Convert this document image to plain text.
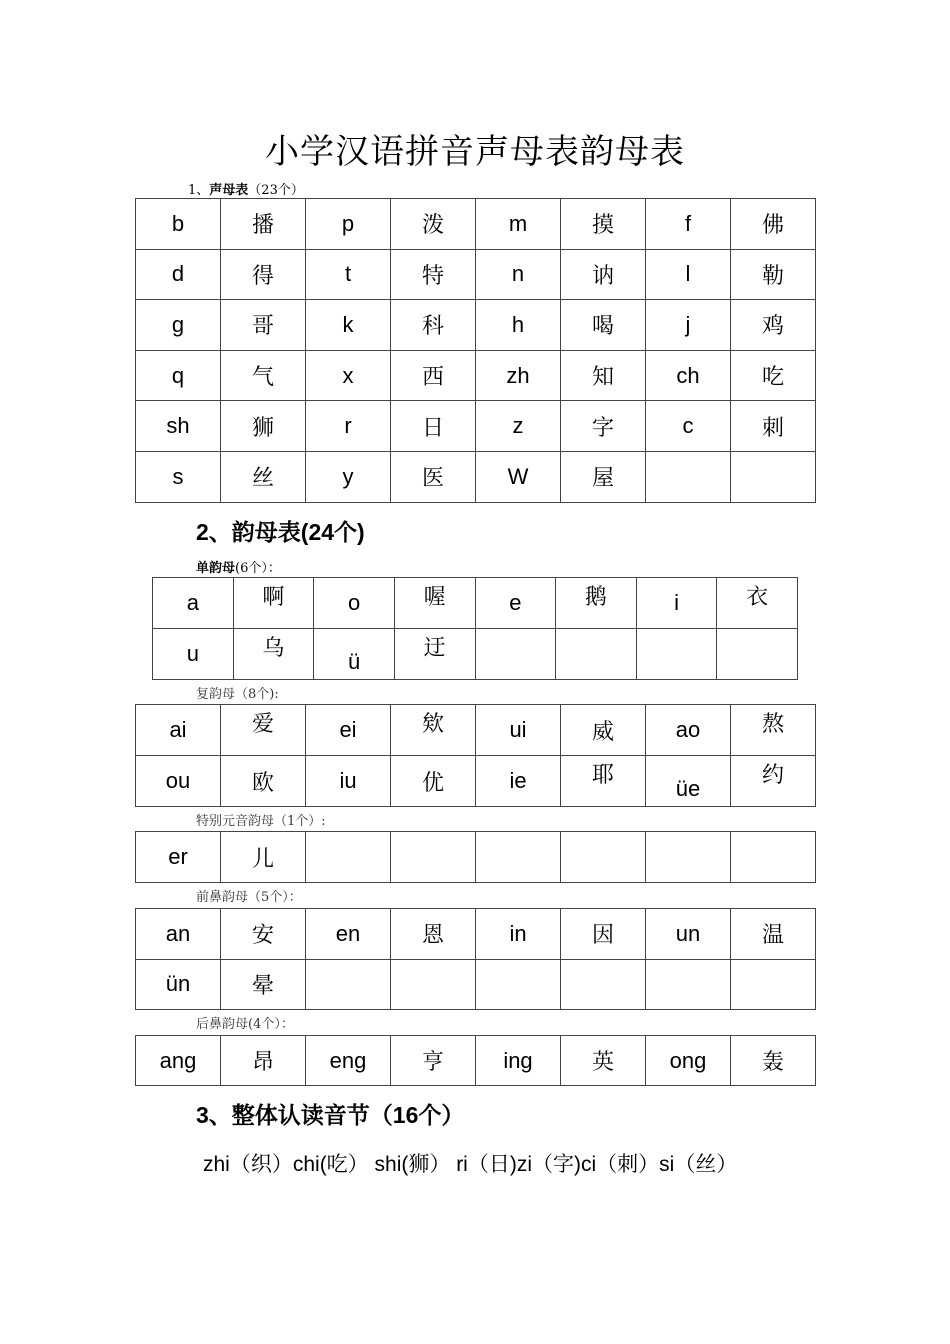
小学汉语拼音声母表韵母表
1、声母表（23个）
b	播	p	泼	m	摸	f	佛
d	得	t	特	n	讷	l	勒
g	哥	k	科	h	喝	j	鸡
q	气	x	西	zh	知	ch	吃
sh	狮	r	日	z	字	c	刺
s	丝	y	医	W	屋		
2、韵母表(24个)
单韵母(6个）：
a	啊	o	喔	e	鹅	i	衣
u	乌	ü	迂				
复韵母（8个):
ai	爱	ei	欸	ui	威	ao	熬
ou	欧	iu	优	ie	耶	üe	约
特别元音韵母（1个）:
er	儿						
前鼻韵母（5个）：
an	安	en	恩	in	因	un	温
ün	晕						
后鼻韵母(4个）：
ang	昂	eng	亨	ing	英	ong	轰
3、整体认读音节（16个）
zhi（织）chi(吃） shi(狮） ri（日)zi（字)ci（刺）si（丝）
